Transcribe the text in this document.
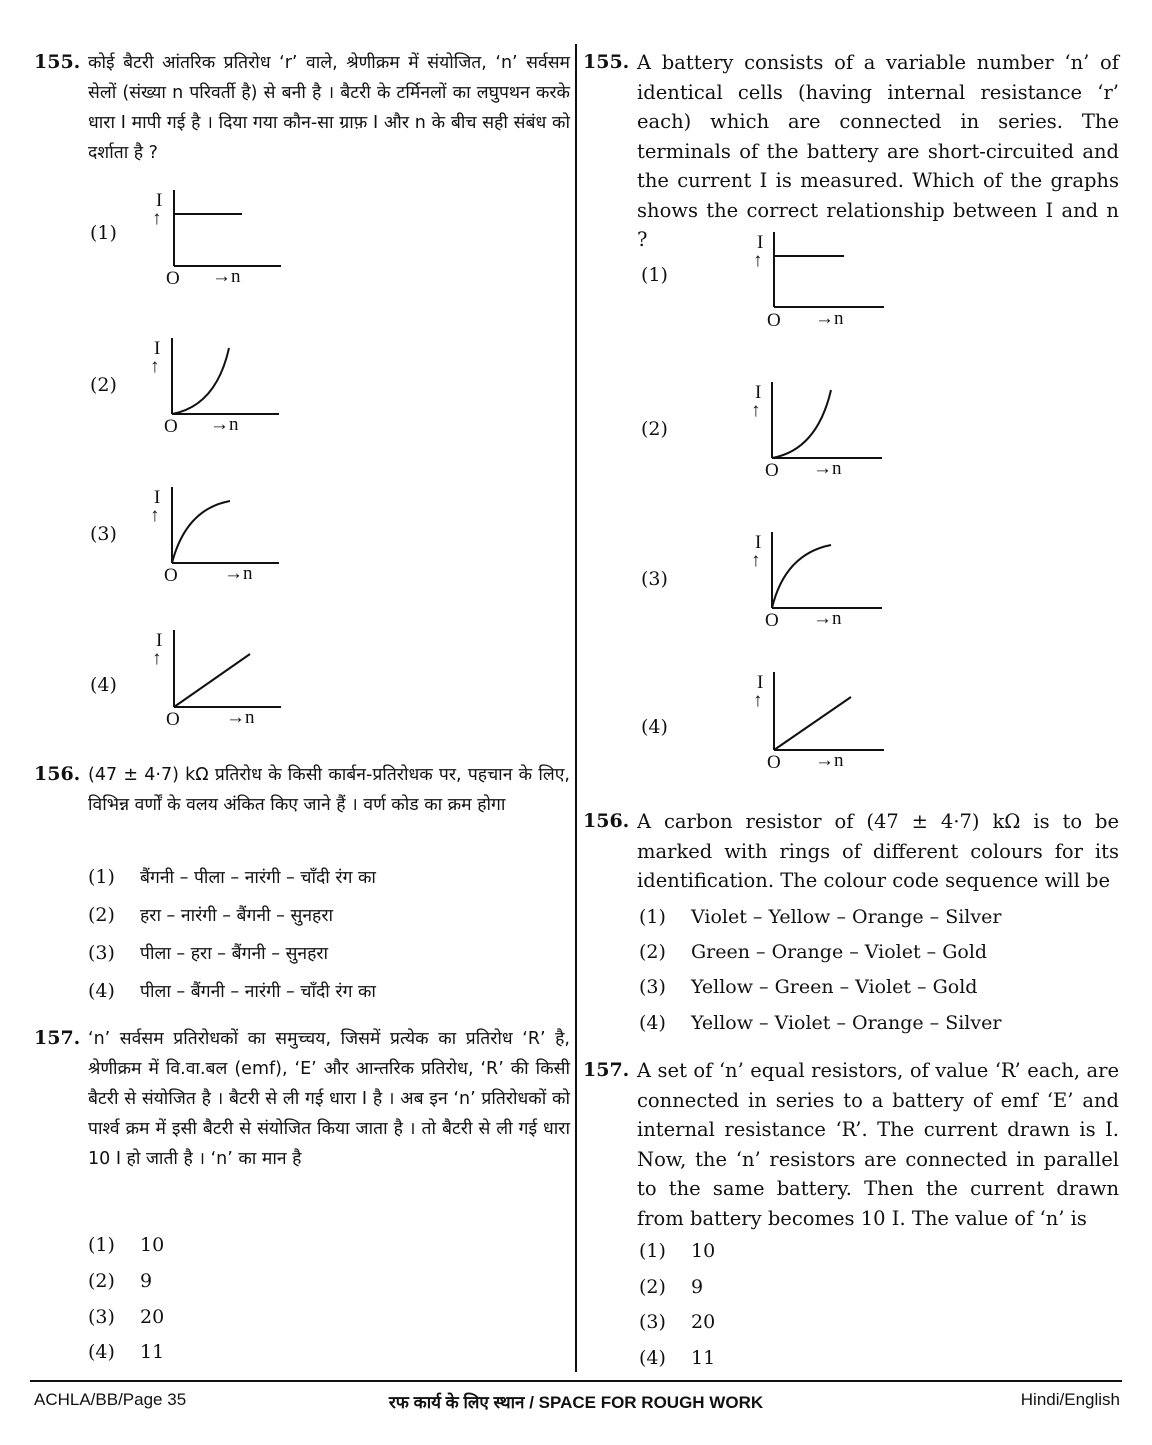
155. कोई बैटरी आंतरिक प्रतिरोध ‘r’ वाले, श्रेणीक्रम में संयोजित, ‘n’ सर्वसम सेलों (संख्या n परिवर्ती है) से बनी है । बैटरी के टर्मिनलों का लघुपथन करके धारा I मापी गई है । दिया गया कौन-सा ग्राफ़ I और n के बीच सही संबंध को दर्शाता है ?
(1)
I
↑
O →n
(2)
I
↑
O →n
(3)
I
↑
O →n
(4)
I
↑
O →n
156. (47 ± 4·7) kΩ प्रतिरोध के किसी कार्बन-प्रतिरोधक पर, पहचान के लिए, विभिन्न वर्णों के वलय अंकित किए जाने हैं । वर्ण कोड का क्रम होगा
(1) बैंगनी – पीला – नारंगी – चाँदी रंग का
(2) हरा – नारंगी – बैंगनी – सुनहरा
(3) पीला – हरा – बैंगनी – सुनहरा
(4) पीला – बैंगनी – नारंगी – चाँदी रंग का
157. ‘n’ सर्वसम प्रतिरोधकों का समुच्चय, जिसमें प्रत्येक का प्रतिरोध ‘R’ है, श्रेणीक्रम में वि.वा.बल (emf), ‘E’ और आन्तरिक प्रतिरोध, ‘R’ की किसी बैटरी से संयोजित है । बैटरी से ली गई धारा I है । अब इन ‘n’ प्रतिरोधकों को पार्श्व क्रम में इसी बैटरी से संयोजित किया जाता है । तो बैटरी से ली गई धारा 10 I हो जाती है । ‘n’ का मान है
(1) 10
(2) 9
(3) 20
(4) 11
155. A battery consists of a variable number ‘n’ of identical cells (having internal resistance ‘r’ each) which are connected in series. The terminals of the battery are short-circuited and the current I is measured. Which of the graphs shows the correct relationship between I and n ?
(1)
I
↑
O →n
(2)
I
↑
O →n
(3)
I
↑
O →n
(4)
I
↑
O →n
156. A carbon resistor of (47 ± 4·7) kΩ is to be marked with rings of different colours for its identification. The colour code sequence will be
(1) Violet – Yellow – Orange – Silver
(2) Green – Orange – Violet – Gold
(3) Yellow – Green – Violet – Gold
(4) Yellow – Violet – Orange – Silver
157. A set of ‘n’ equal resistors, of value ‘R’ each, are connected in series to a battery of emf ‘E’ and internal resistance ‘R’. The current drawn is I. Now, the ‘n’ resistors are connected in parallel to the same battery. Then the current drawn from battery becomes 10 I. The value of ‘n’ is
(1) 10
(2) 9
(3) 20
(4) 11
रफ कार्य के लिए स्थान / SPACE FOR ROUGH WORK
ACHLA/BB/Page 35	Hindi/English
